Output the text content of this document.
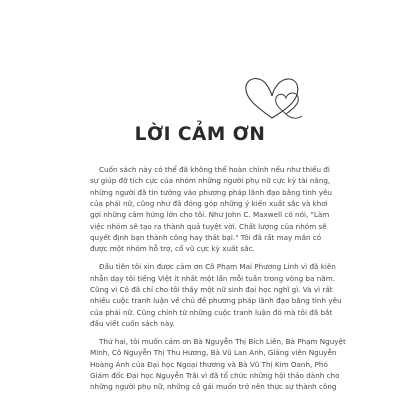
LỜI CẢM ƠN
Cuốn sách này có thể đã không thể hoàn chỉnh nếu như thiếu đi
sự giúp đỡ tích cực của nhóm những người phụ nữ cực kỳ tài năng,
những người đã tin tưởng vào phương pháp lãnh đạo bằng tình yêu
của phái nữ, cũng như đã đóng góp những ý kiến xuất sắc và khơi
gợi những cảm hứng lớn cho tôi. Như John C. Maxwell có nói, "Làm
việc nhóm sẽ tạo ra thành quả tuyệt vời. Chất lượng của nhóm sẽ
quyết định bạn thành công hay thất bại." Tôi đã rất may mắn có
được một nhóm hỗ trợ, cổ vũ cực kỳ xuất sắc.
Đầu tiên tôi xin được cảm ơn Cô Phạm Mai Phương Linh vì đã kiên
nhẫn dạy tôi tiếng Việt ít nhất một lần mỗi tuần trong vòng ba năm.
Cũng vì Cô đã chỉ cho tôi thấy một nữ sinh đại học nghĩ gì. Và vì rất
nhiều cuộc tranh luận về chủ đề phương pháp lãnh đạo bằng tình yêu
của phái nữ. Cũng chính từ những cuộc tranh luận đó mà tôi đã bắt
đầu viết cuốn sách này.
Thứ hai, tôi muốn cảm ơn Bà Nguyễn Thị Bích Liên, Bà Phạm Nguyệt
Minh, Cô Nguyễn Thị Thu Hương, Bà Vũ Lan Anh, Giảng viên Nguyễn
Hoàng Ánh của Đại học Ngoại thương và Bà Vũ Thị Kim Oanh, Phó
Giám đốc Đại học Nguyễn Trãi vì đã tổ chức những hội thảo dành cho
những người phụ nữ, những cô gái muốn trở nên thực sự thành công
